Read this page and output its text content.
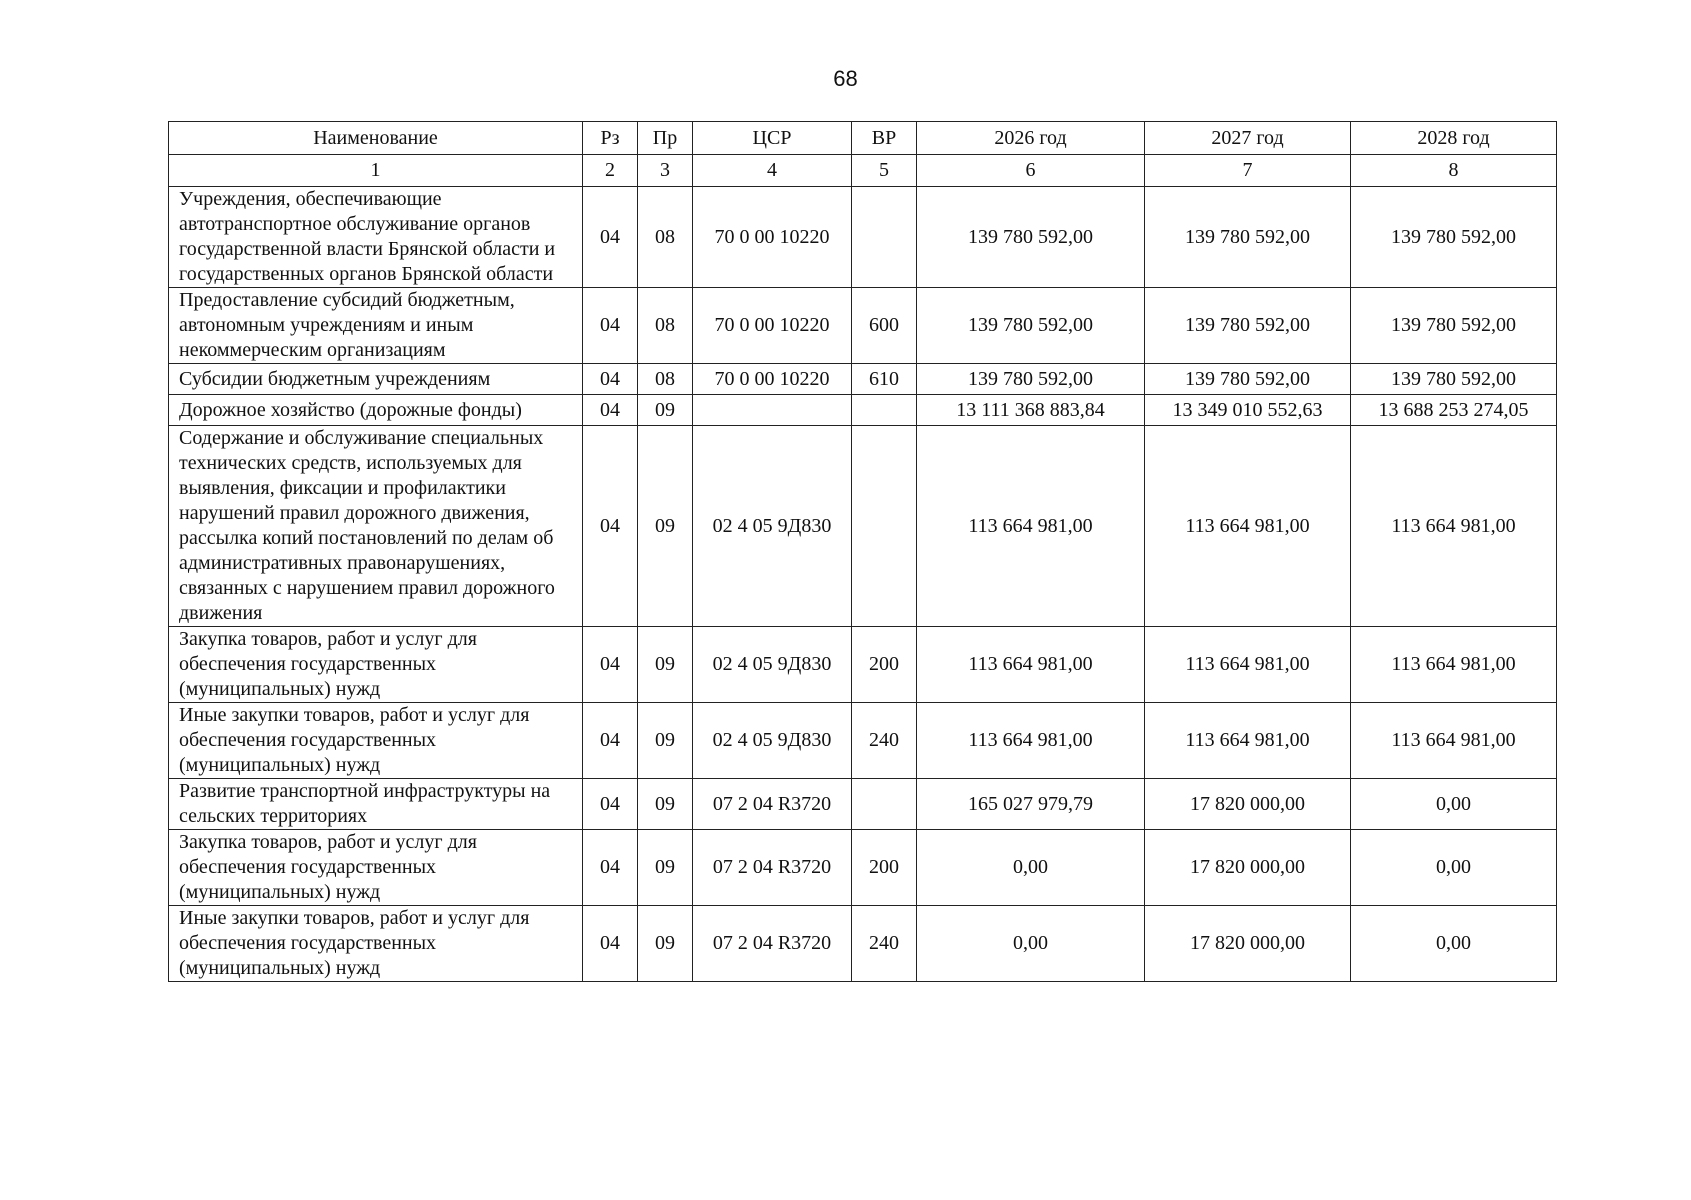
68
Наименование	Рз	Пр	ЦСР	ВР	2026 год	2027 год	2028 год
1	2	3	4	5	6	7	8
Учреждения, обеспечивающие автотранспортное обслуживание органов государственной власти Брянской области и государственных органов Брянской области	04	08	70 0 00 10220		139 780 592,00	139 780 592,00	139 780 592,00
Предоставление субсидий бюджетным, автономным учреждениям и иным некоммерческим организациям	04	08	70 0 00 10220	600	139 780 592,00	139 780 592,00	139 780 592,00
Субсидии бюджетным учреждениям	04	08	70 0 00 10220	610	139 780 592,00	139 780 592,00	139 780 592,00
Дорожное хозяйство (дорожные фонды)	04	09			13 111 368 883,84	13 349 010 552,63	13 688 253 274,05
Содержание и обслуживание специальных технических средств, используемых для выявления, фиксации и профилактики нарушений правил дорожного движения, рассылка копий постановлений по делам об административных правонарушениях, связанных с нарушением правил дорожного движения	04	09	02 4 05 9Д830		113 664 981,00	113 664 981,00	113 664 981,00
Закупка товаров, работ и услуг для обеспечения государственных (муниципальных) нужд	04	09	02 4 05 9Д830	200	113 664 981,00	113 664 981,00	113 664 981,00
Иные закупки товаров, работ и услуг для обеспечения государственных (муниципальных) нужд	04	09	02 4 05 9Д830	240	113 664 981,00	113 664 981,00	113 664 981,00
Развитие транспортной инфраструктуры на сельских территориях	04	09	07 2 04 R3720		165 027 979,79	17 820 000,00	0,00
Закупка товаров, работ и услуг для обеспечения государственных (муниципальных) нужд	04	09	07 2 04 R3720	200	0,00	17 820 000,00	0,00
Иные закупки товаров, работ и услуг для обеспечения государственных (муниципальных) нужд	04	09	07 2 04 R3720	240	0,00	17 820 000,00	0,00
